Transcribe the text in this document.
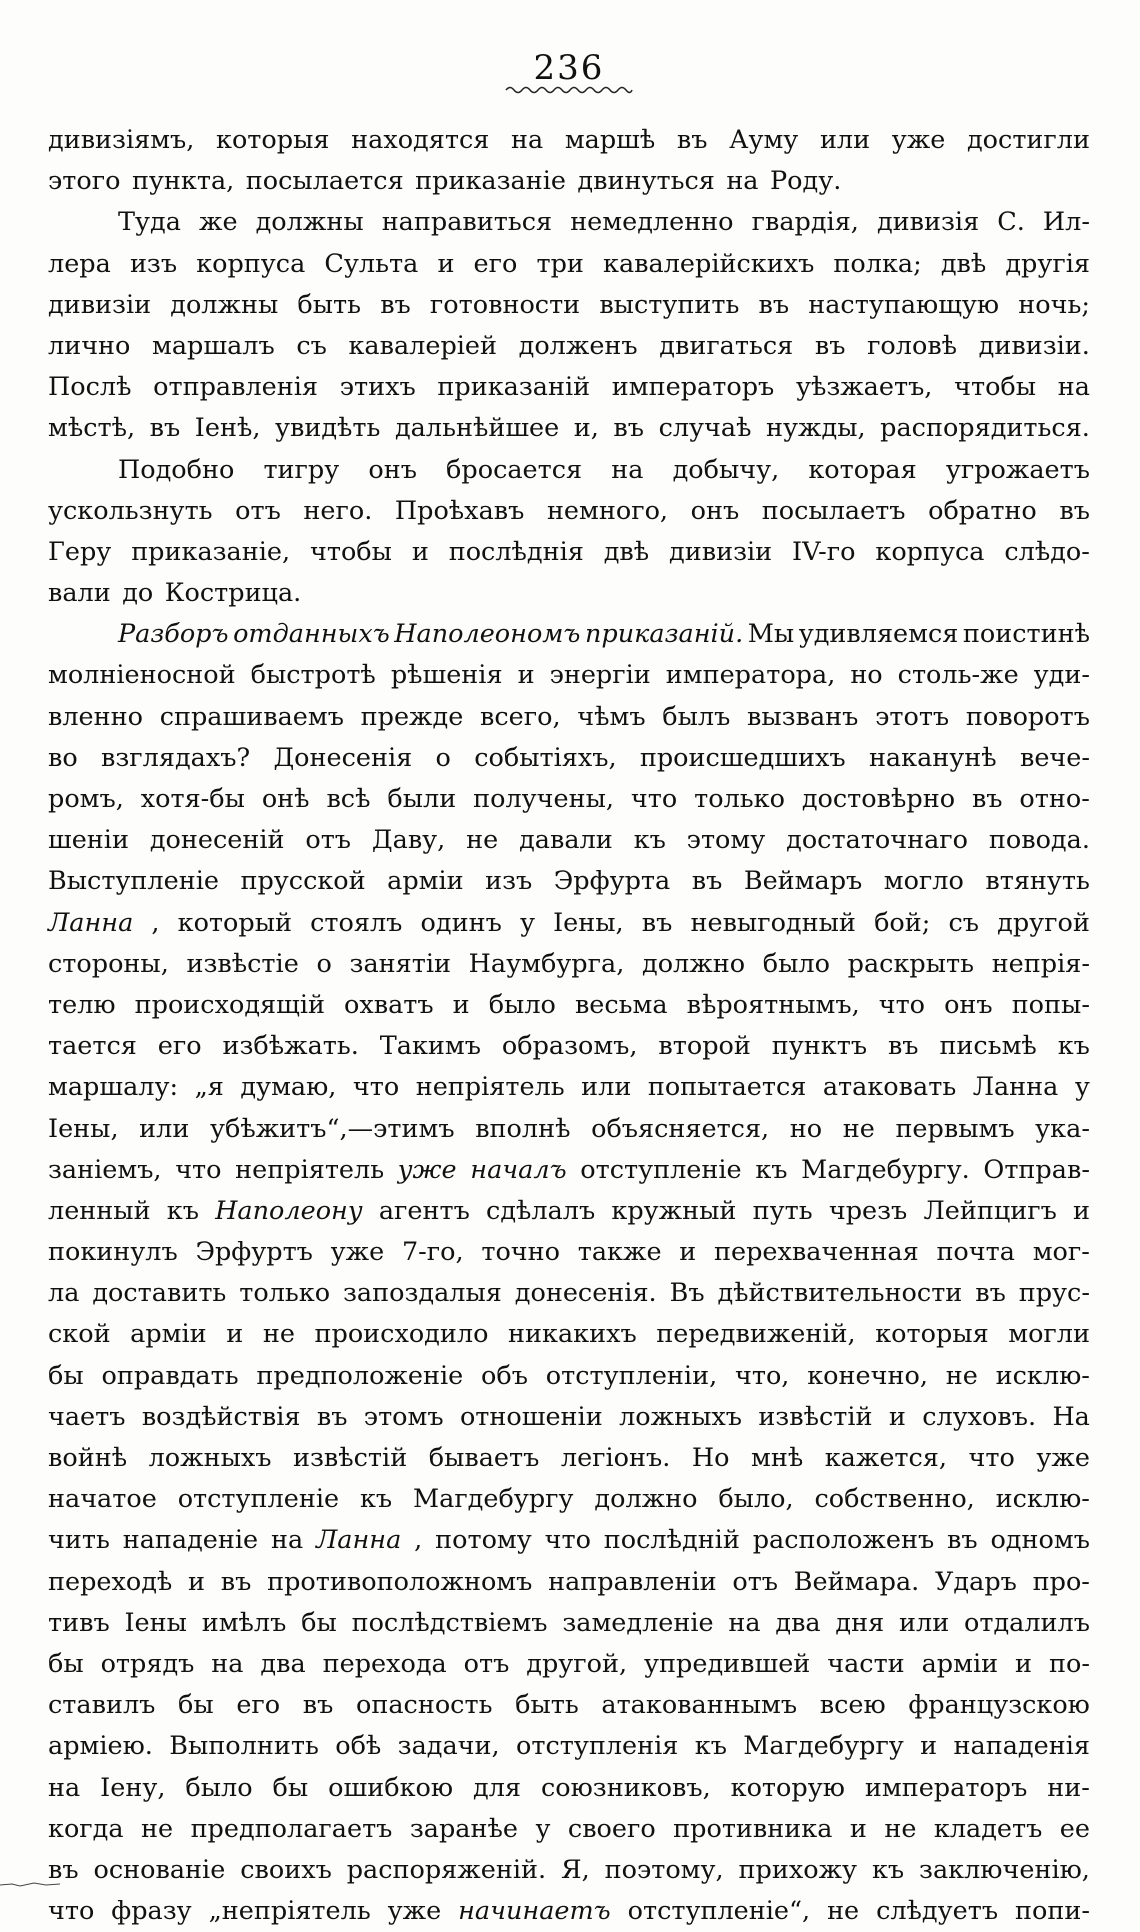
236
дивизіямъ, которыя находятся на маршѣ въ Ауму или уже достигли
этого пункта, посылается приказаніе двинуться на Роду.
Туда же должны направиться немедленно гвардія, дивизія С. Ил-
лера изъ корпуса Сульта и его три кавалерійскихъ полка; двѣ другія
дивизіи должны быть въ готовности выступить въ наступающую ночь;
лично маршалъ съ кавалеріей долженъ двигаться въ головѣ дивизіи.
Послѣ отправленія этихъ приказаній императоръ уѣзжаетъ, чтобы на
мѣстѣ, въ Іенѣ, увидѣть дальнѣйшее и, въ случаѣ нужды, распорядиться.
Подобно тигру онъ бросается на добычу, которая угрожаетъ
ускользнуть отъ него. Проѣхавъ немного, онъ посылаетъ обратно въ
Геру приказаніе, чтобы и послѣднія двѣ дивизіи IV-го корпуса слѣдо-
вали до Кострица.
Разборъ отданныхъ Наполеономъ приказаній. Мы удивляемся поистинѣ
молніеносной быстротѣ рѣшенія и энергіи императора, но столь-же уди-
вленно спрашиваемъ прежде всего, чѣмъ былъ вызванъ этотъ поворотъ
во взглядахъ? Донесенія о событіяхъ, происшедшихъ наканунѣ вече-
ромъ, хотя-бы онѣ всѣ были получены, что только достовѣрно въ отно-
шеніи донесеній отъ Даву, не давали къ этому достаточнаго повода.
Выступленіе прусской арміи изъ Эрфурта въ Веймаръ могло втянуть
Ланна , который стоялъ одинъ у Іены, въ невыгодный бой; съ другой
стороны, извѣстіе о занятіи Наумбурга, должно было раскрыть непрія-
телю происходящій охватъ и было весьма вѣроятнымъ, что онъ попы-
тается его избѣжать. Такимъ образомъ, второй пунктъ въ письмѣ къ
маршалу: „я думаю, что непріятель или попытается атаковать Ланна у
Іены, или убѣжитъ“,—этимъ вполнѣ объясняется, но не первымъ ука-
заніемъ, что непріятель уже началъ отступленіе къ Магдебургу. Отправ-
ленный къ Наполеону агентъ сдѣлалъ кружный путь чрезъ Лейпцигъ и
покинулъ Эрфуртъ уже 7-го, точно также и перехваченная почта мог-
ла доставить только запоздалыя донесенія. Въ дѣйствительности въ прус-
ской арміи и не происходило никакихъ передвиженій, которыя могли
бы оправдать предположеніе объ отступленіи, что, конечно, не исклю-
чаетъ воздѣйствія въ этомъ отношеніи ложныхъ извѣстій и слуховъ. На
войнѣ ложныхъ извѣстій бываетъ легіонъ. Но мнѣ кажется, что уже
начатое отступленіе къ Магдебургу должно было, собственно, исклю-
чить нападеніе на Ланна , потому что послѣдній расположенъ въ одномъ
переходѣ и въ противоположномъ направленіи отъ Веймара. Ударъ про-
тивъ Іены имѣлъ бы послѣдствіемъ замедленіе на два дня или отдалилъ
бы отрядъ на два перехода отъ другой, упредившей части арміи и по-
ставилъ бы его въ опасность быть атакованнымъ всею французскою
арміею. Выполнить обѣ задачи, отступленія къ Магдебургу и нападенія
на Іену, было бы ошибкою для союзниковъ, которую императоръ ни-
когда не предполагаетъ заранѣе у своего противника и не кладетъ ее
въ основаніе своихъ распоряженій. Я, поэтому, прихожу къ заключенію,
что фразу „непріятель уже начинаетъ отступленіе“, не слѣдуетъ попи-
